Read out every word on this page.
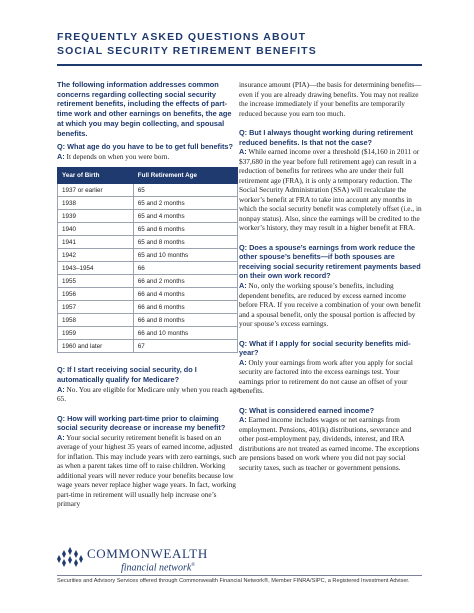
FREQUENTLY ASKED QUESTIONS ABOUT
SOCIAL SECURITY RETIREMENT BENEFITS

The following information addresses common concerns regarding collecting social security retirement benefits, including the effects of part-time work and other earnings on benefits, the age at which you may begin collecting, and spousal benefits.

Q: What age do you have to be to get full benefits?

A: It depends on when you were born.

Year of Birth	Full Retirement Age
1937 or earlier	65
1938	65 and 2 months
1939	65 and 4 months
1940	65 and 6 months
1941	65 and 8 months
1942	65 and 10 months
1943–1954	66
1955	66 and 2 months
1956	66 and 4 months
1957	66 and 6 months
1958	66 and 8 months
1959	66 and 10 months
1960 and later	67

Q: If I start receiving social security, do I automatically qualify for Medicare?

A: No. You are eligible for Medicare only when you reach age 65.

Q: How will working part-time prior to claiming social security decrease or increase my benefit?

A: Your social security retirement benefit is based on an average of your highest 35 years of earned income, adjusted for inflation. This may include years with zero earnings, such as when a parent takes time off to raise children. Working additional years will never reduce your benefits because low wage years never replace higher wage years. In fact, working part-time in retirement will usually help increase one’s primary

insurance amount (PIA)—the basis for determining benefits—even if you are already drawing benefits. You may not realize the increase immediately if your benefits are temporarily reduced because you earn too much.

Q: But I always thought working during retirement reduced benefits. Is that not the case?

A: While earned income over a threshold ($14,160 in 2011 or $37,680 in the year before full retirement age) can result in a reduction of benefits for retirees who are under their full retirement age (FRA), it is only a temporary reduction. The Social Security Administration (SSA) will recalculate the worker’s benefit at FRA to take into account any months in which the social security benefit was completely offset (i.e., in nonpay status). Also, since the earnings will be credited to the worker’s history, they may result in a higher benefit at FRA.

Q: Does a spouse’s earnings from work reduce the other spouse’s benefits—if both spouses are receiving social security retirement payments based on their own work record?

A: No, only the working spouse’s benefits, including dependent benefits, are reduced by excess earned income before FRA. If you receive a combination of your own benefit and a spousal benefit, only the spousal portion is affected by your spouse’s excess earnings.

Q: What if I apply for social security benefits mid-year?

A: Only your earnings from work after you apply for social security are factored into the excess earnings test. Your earnings prior to retirement do not cause an offset of your benefits.

Q: What is considered earned income?

A: Earned income includes wages or net earnings from employment. Pensions, 401(k) distributions, severance and other post-employment pay, dividends, interest, and IRA distributions are not treated as earned income. The exceptions are pensions based on work where you did not pay social security taxes, such as teacher or government pensions.

COMMONWEALTH
financial network®
Securities and Advisory Services offered through Commonwealth Financial Network®, Member FINRA/SIPC, a Registered Investment Adviser.
